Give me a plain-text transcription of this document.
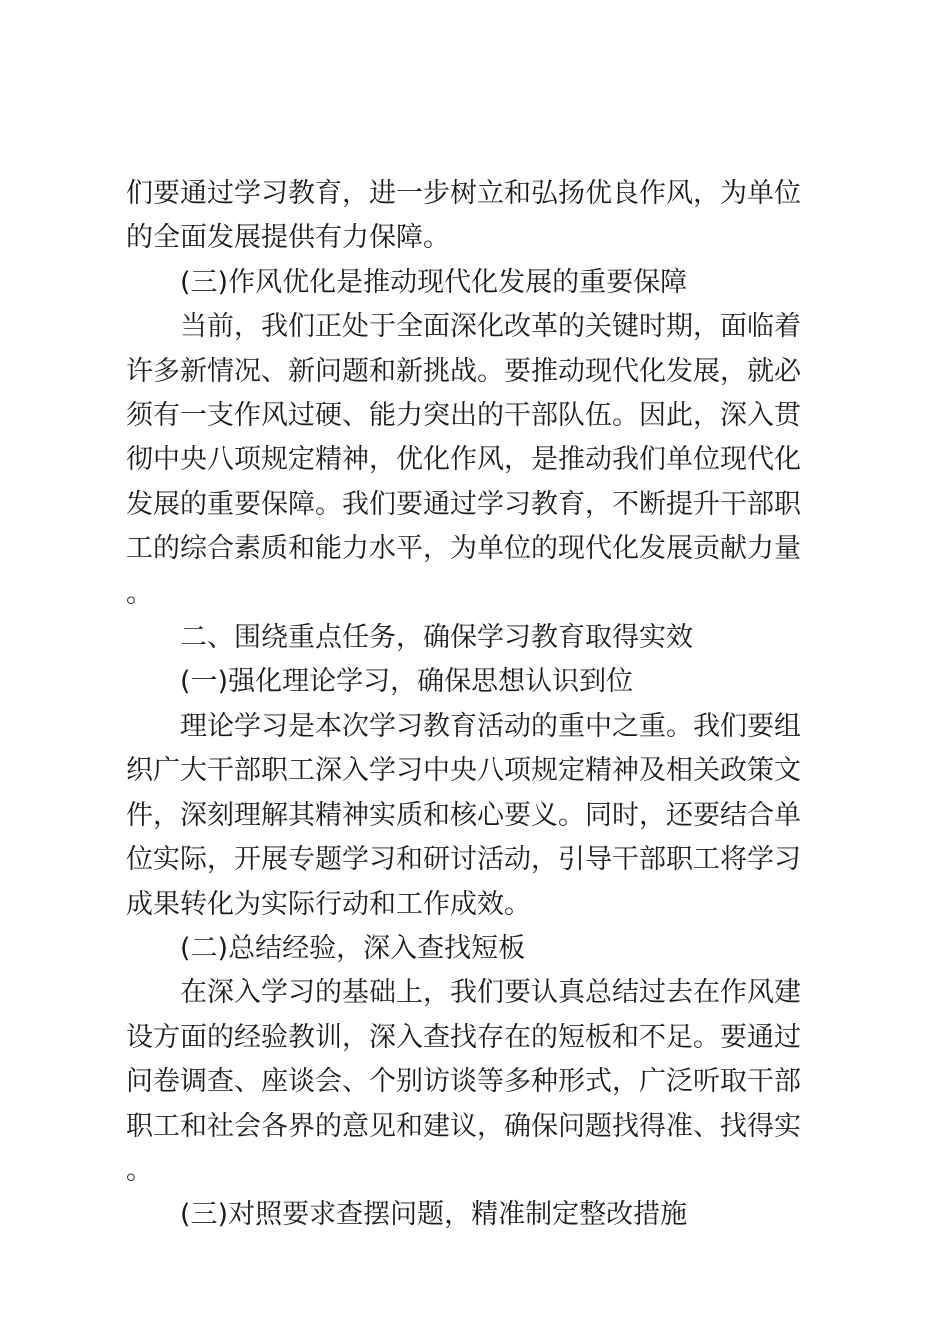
们要通过学习教育，进一步树立和弘扬优良作风，为单位的全面发展提供有力保障。

(三)作风优化是推动现代化发展的重要保障

当前，我们正处于全面深化改革的关键时期，面临着许多新情况、新问题和新挑战。要推动现代化发展，就必须有一支作风过硬、能力突出的干部队伍。因此，深入贯彻中央八项规定精神，优化作风，是推动我们单位现代化发展的重要保障。我们要通过学习教育，不断提升干部职工的综合素质和能力水平，为单位的现代化发展贡献力量。

二、围绕重点任务，确保学习教育取得实效

(一)强化理论学习，确保思想认识到位

理论学习是本次学习教育活动的重中之重。我们要组织广大干部职工深入学习中央八项规定精神及相关政策文件，深刻理解其精神实质和核心要义。同时，还要结合单位实际，开展专题学习和研讨活动，引导干部职工将学习成果转化为实际行动和工作成效。

(二)总结经验，深入查找短板

在深入学习的基础上，我们要认真总结过去在作风建设方面的经验教训，深入查找存在的短板和不足。要通过问卷调查、座谈会、个别访谈等多种形式，广泛听取干部职工和社会各界的意见和建议，确保问题找得准、找得实。

(三)对照要求查摆问题，精准制定整改措施
